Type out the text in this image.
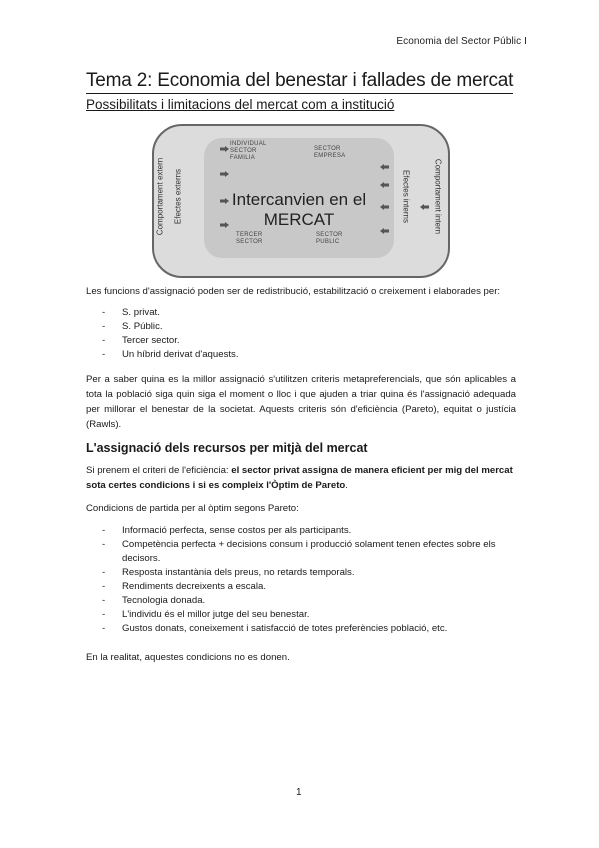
Economia del Sector Públic I
Tema 2: Economia del benestar i fallades de mercat
Possibilitats i limitacions del mercat com a institució
INDIVIDUAL
SECTOR
FAMILIA
SECTOR
EMPRESA
TERCER
SECTOR
SECTOR
PUBLIC
Intercanvien en el
MERCAT
Comportament extern Efectes externs	Efectes interns	Comportament intern
Les funcions d'assignació poden ser de redistribució, estabilització o creixement i elaborades per:
- S. privat.
- S. Públic.
- Tercer sector.
- Un híbrid derivat d'aquests.
Per a saber quina es la millor assignació s'utilitzen criteris metapreferencials, que són aplicables a tota la població siga quin siga el moment o lloc i que ajuden a triar quina és l'assignació adequada per millorar el benestar de la societat. Aquests criteris són d'eficiència (Pareto), equitat o justícia (Rawls).
L'assignació dels recursos per mitjà del mercat
Si prenem el criteri de l'eficiència: el sector privat assigna de manera eficient per mig del mercat sota certes condicions i si es compleix l'Òptim de Pareto.
Condicions de partida per al òptim segons Pareto:
- Informació perfecta, sense costos per als participants.
- Competència perfecta + decisions consum i producció solament tenen efectes sobre els decisors.
- Resposta instantània dels preus, no retards temporals.
- Rendiments decreixents a escala.
- Tecnologia donada.
- L'individu és el millor jutge del seu benestar.
- Gustos donats, coneixement i satisfacció de totes preferències població, etc.
En la realitat, aquestes condicions no es donen.
1
